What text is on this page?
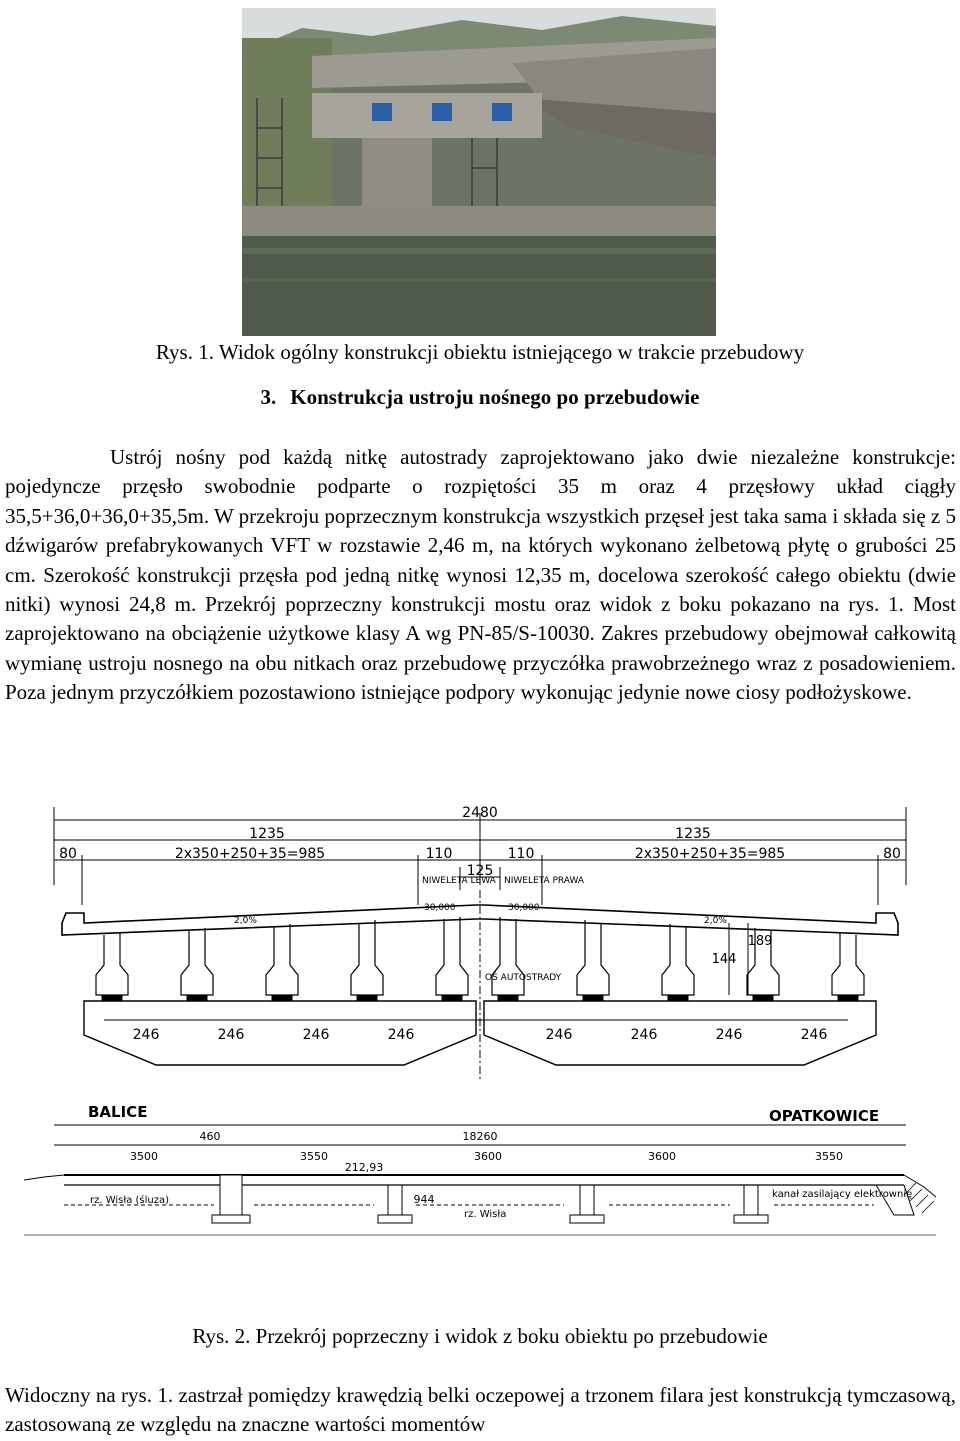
Rys. 1. Widok ogólny konstrukcji obiektu istniejącego w trakcie przebudowy
3. Konstrukcja ustroju nośnego po przebudowie

Ustrój nośny pod każdą nitkę autostrady zaprojektowano jako dwie niezależne konstrukcje: pojedyncze przęsło swobodnie podparte o rozpiętości 35 m oraz 4 przęsłowy układ ciągły 35,5+36,0+36,0+35,5m. W przekroju poprzecznym konstrukcja wszystkich przęseł jest taka sama i składa się z 5 dźwigarów prefabrykowanych VFT w rozstawie 2,46 m, na których wykonano żelbetową płytę o grubości 25 cm. Szerokość konstrukcji przęsła pod jedną nitkę wynosi 12,35 m, docelowa szerokość całego obiektu (dwie nitki) wynosi 24,8 m. Przekrój poprzeczny konstrukcji mostu oraz widok z boku pokazano na rys. 1. Most zaprojektowano na obciążenie użytkowe klasy A wg PN-85/S-10030. Zakres przebudowy obejmował całkowitą wymianę ustroju nosnego na obu nitkach oraz przebudowę przyczółka prawobrzeżnego wraz z posadowieniem. Poza jednym przyczółkiem pozostawiono istniejące podpory wykonując jedynie nowe ciosy podłożyskowe.

2480
1235	1235
80	80
2x350+250+35=985	2x350+250+35=985
110	110
125
NIWELETA LEWA NIWELETA PRAWA
30,000	30,000
2,0%	2,0%
OŚ AUTOSTRADY
144
189
246	246	246	246	246	246	246	246
BALICE	OPATKOWICE
18260
460
3500	3550	3600	3600	3550
212,93
944
rz. Wisła (śluza)
rz. Wisła
kanał zasilający elektrownię
Rys. 2. Przekrój poprzeczny i widok z boku obiektu po przebudowie

Widoczny na rys. 1. zastrzał pomiędzy krawędzią belki oczepowej a trzonem filara jest konstrukcją tymczasową, zastosowaną ze względu na znaczne wartości momentów
